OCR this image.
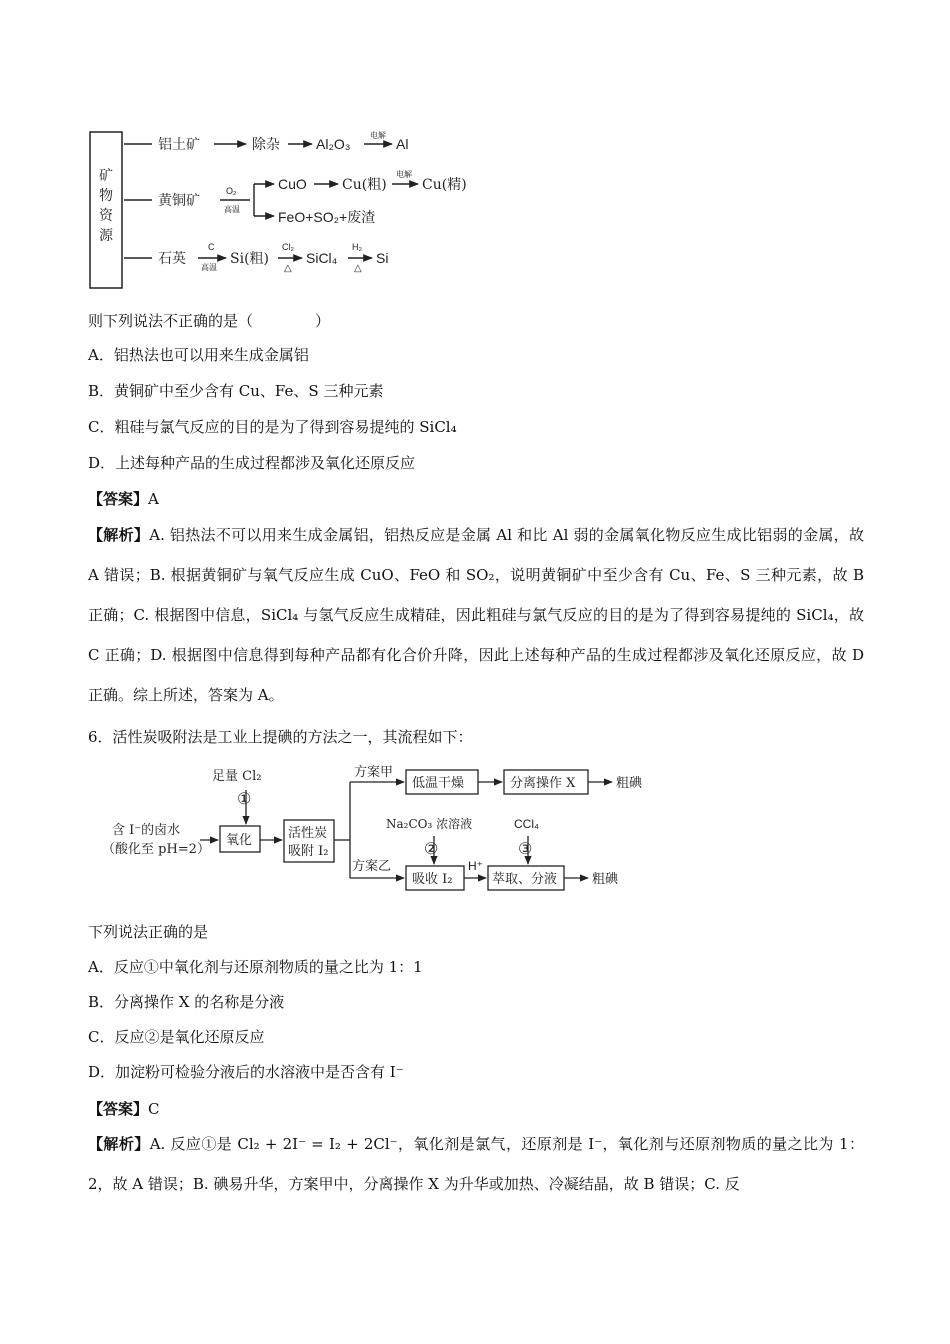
矿
物
资
源
铝土矿	除杂	Al₂O₃
电解
Al
黄铜矿
O₂
高温
CuO	Cu(粗)
电解
Cu(精)
FeO+SO₂+废渣
石英
C
高温
Si(粗)
Cl₂
△
SiCl₄
H₂
△
Si
则下列说法不正确的是（	）
A．铝热法也可以用来生成金属铝
B．黄铜矿中至少含有 Cu、Fe、S 三种元素
C．粗硅与氯气反应的目的是为了得到容易提纯的 SiCl₄
D．上述每种产品的生成过程都涉及氧化还原反应
【答案】A
【解析】A. 铝热法不可以用来生成金属铝，铝热反应是金属 Al 和比 Al 弱的金属氧化物反应生成比铝弱的金属，故 A 错误；B. 根据黄铜矿与氧气反应生成 CuO、FeO 和 SO₂，说明黄铜矿中至少含有 Cu、Fe、S 三种元素，故 B 正确；C. 根据图中信息，SiCl₄ 与氢气反应生成精硅，因此粗硅与氯气反应的目的是为了得到容易提纯的 SiCl₄，故 C 正确；D. 根据图中信息得到每种产品都有化合价升降，因此上述每种产品的生成过程都涉及氧化还原反应，故 D 正确。综上所述，答案为 A。
6．活性炭吸附法是工业上提碘的方法之一，其流程如下：
含 I⁻的卤水
（酸化至 pH=2）
足量 Cl₂
①
氧化	活性炭
吸附 I₂
方案甲
方案乙
低温干燥	分离操作 X	粗碘
Na₂CO₃ 浓溶液
②
吸收 I₂
H⁺
CCl₄
③
萃取、分液	粗碘
下列说法正确的是
A．反应①中氧化剂与还原剂物质的量之比为 1：1
B．分离操作 X 的名称是分液
C．反应②是氧化还原反应
D．加淀粉可检验分液后的水溶液中是否含有 I⁻
【答案】C
【解析】A. 反应①是 Cl₂ + 2I⁻ = I₂ + 2Cl⁻，氧化剂是氯气，还原剂是 I⁻，氧化剂与还原剂物质的量之比为 1：2，故 A 错误；B. 碘易升华，方案甲中，分离操作 X 为升华或加热、冷凝结晶，故 B 错误；C. 反
